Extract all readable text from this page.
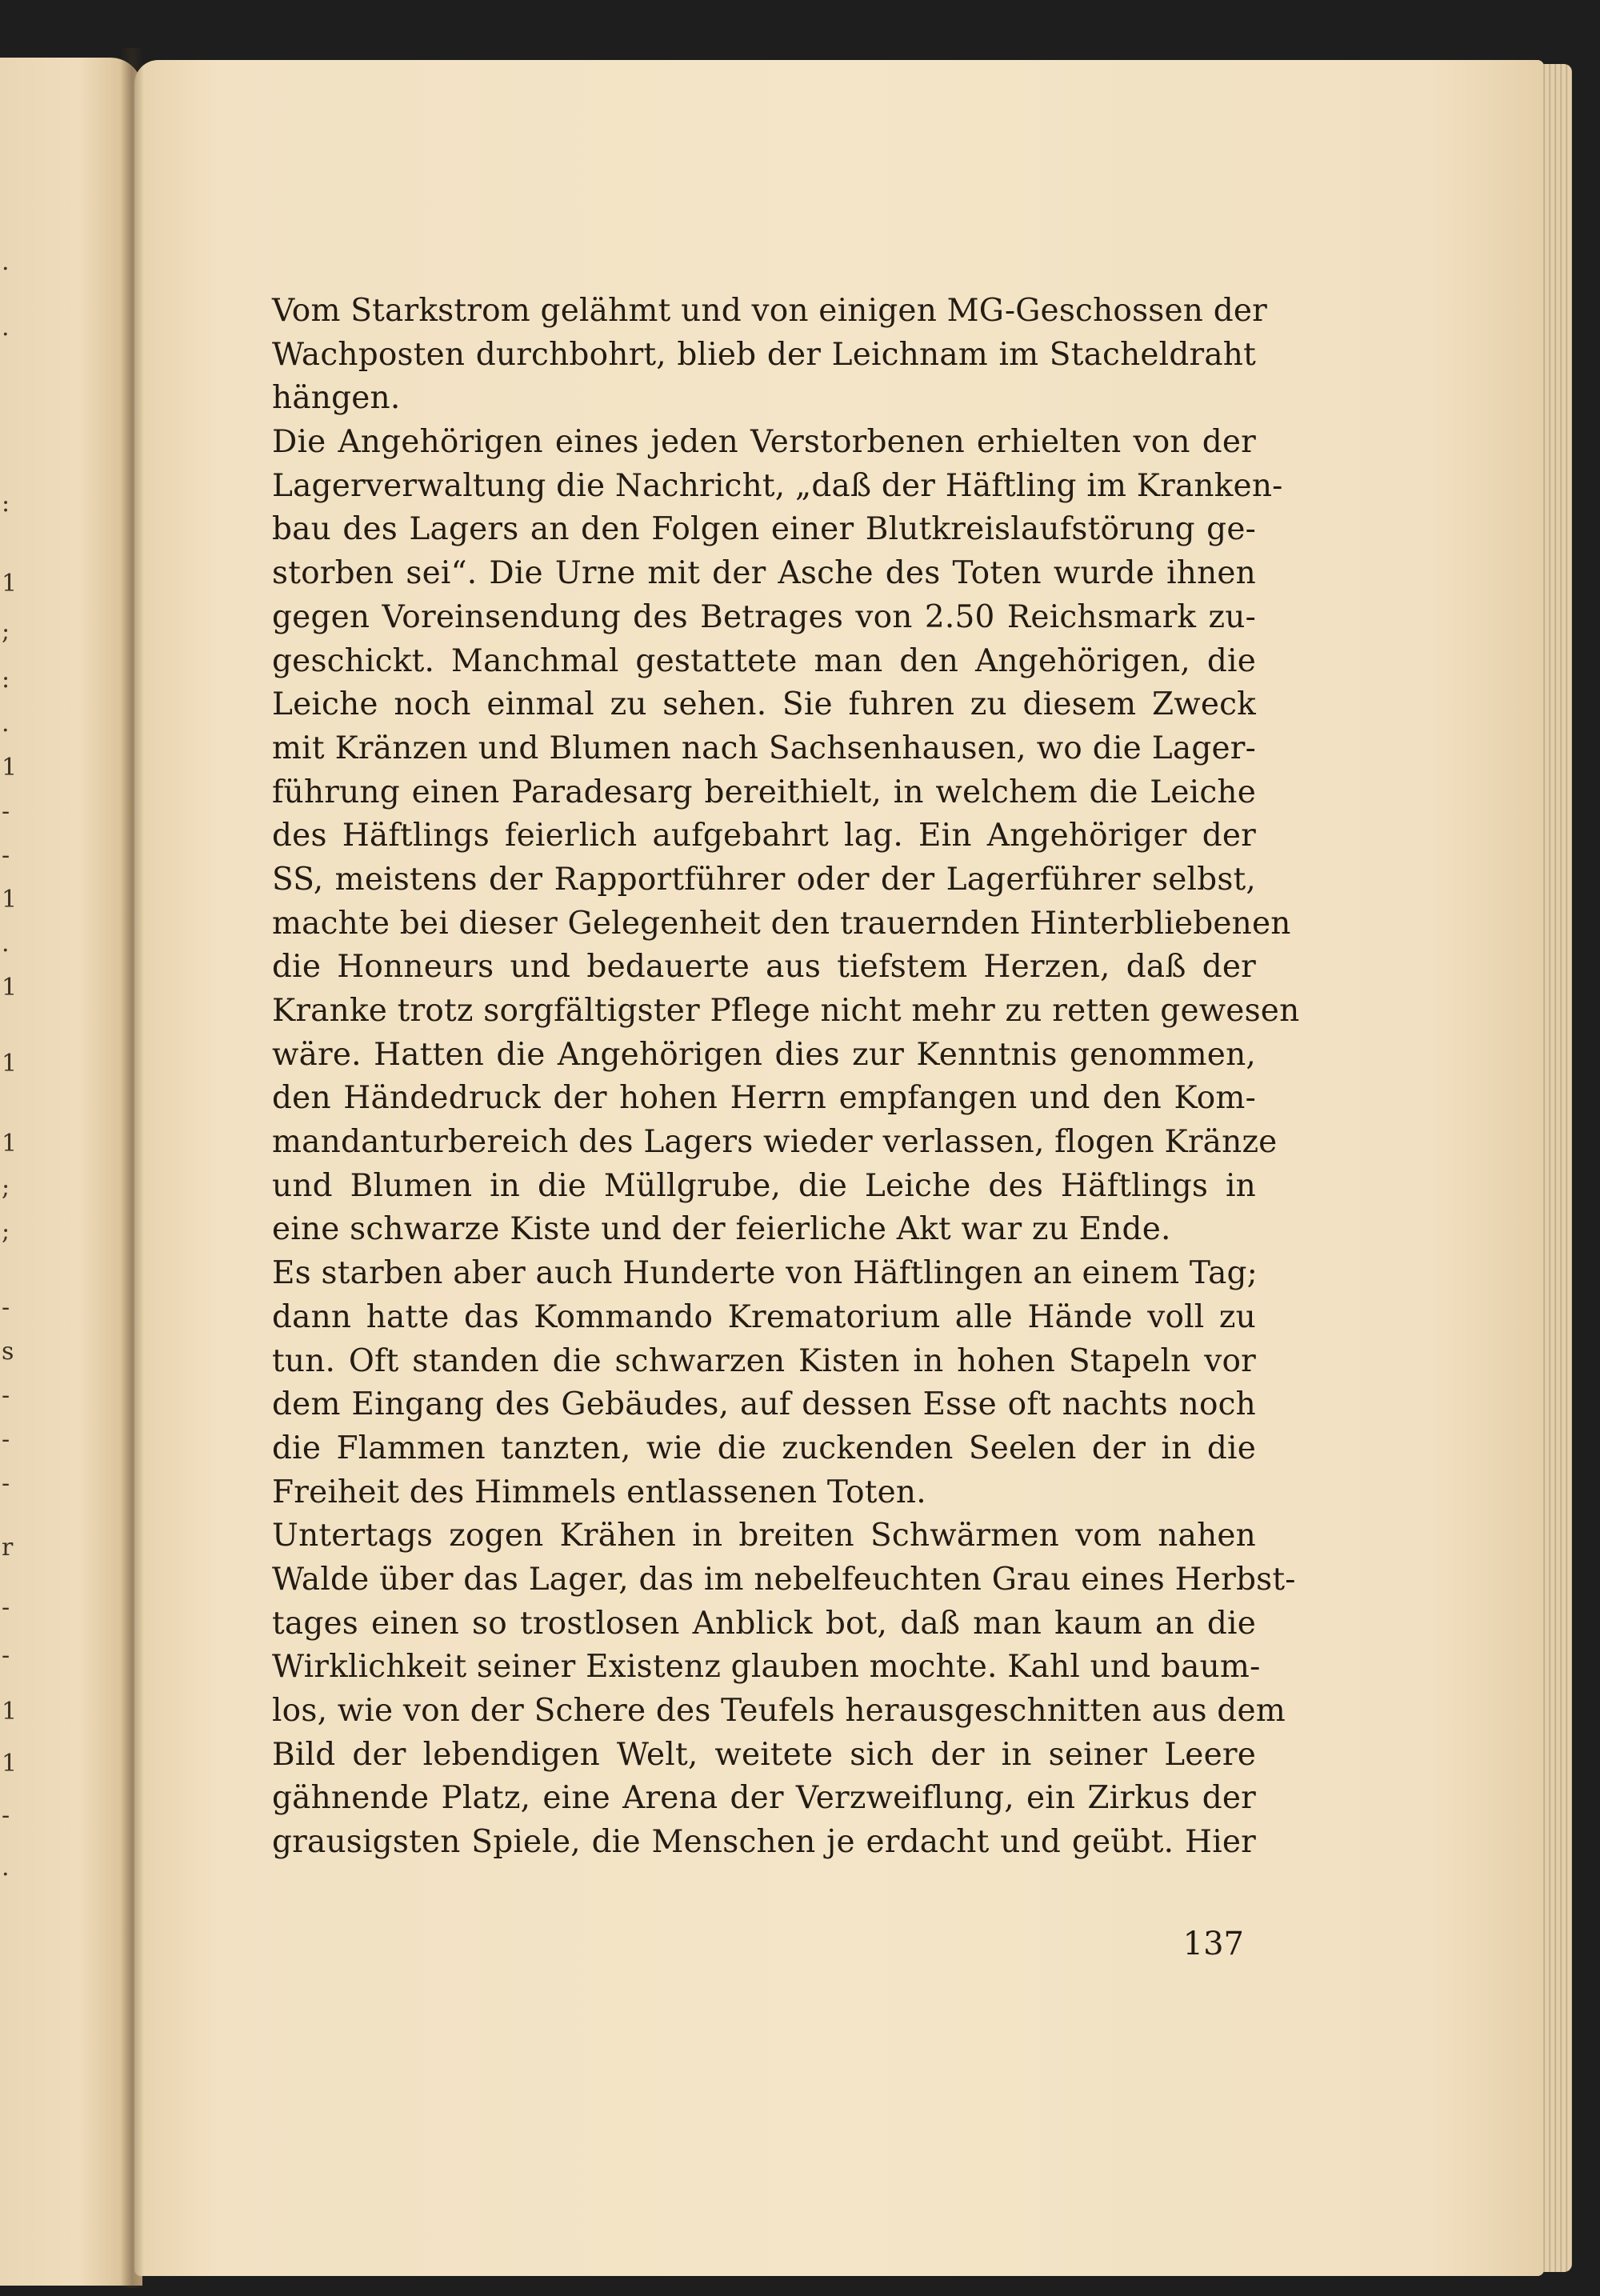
.
.
:
1
;
:
.
1
-
-
1
.
1
1
1
;
;
-
s
-
-
-
r
-
-
1
1
-
.
Vom Starkstrom gelähmt und von einigen MG-Geschossen der
Wachposten durchbohrt, blieb der Leichnam im Stacheldraht
hängen.
Die Angehörigen eines jeden Verstorbenen erhielten von der
Lagerverwaltung die Nachricht, „daß der Häftling im Kranken-
bau des Lagers an den Folgen einer Blutkreislaufstörung ge-
storben sei“. Die Urne mit der Asche des Toten wurde ihnen
gegen Voreinsendung des Betrages von 2.50 Reichsmark zu-
geschickt. Manchmal gestattete man den Angehörigen, die
Leiche noch einmal zu sehen. Sie fuhren zu diesem Zweck
mit Kränzen und Blumen nach Sachsenhausen, wo die Lager-
führung einen Paradesarg bereithielt, in welchem die Leiche
des Häftlings feierlich aufgebahrt lag. Ein Angehöriger der
SS, meistens der Rapportführer oder der Lagerführer selbst,
machte bei dieser Gelegenheit den trauernden Hinterbliebenen
die Honneurs und bedauerte aus tiefstem Herzen, daß der
Kranke trotz sorgfältigster Pflege nicht mehr zu retten gewesen
wäre. Hatten die Angehörigen dies zur Kenntnis genommen,
den Händedruck der hohen Herrn empfangen und den Kom-
mandanturbereich des Lagers wieder verlassen, flogen Kränze
und Blumen in die Müllgrube, die Leiche des Häftlings in
eine schwarze Kiste und der feierliche Akt war zu Ende.
Es starben aber auch Hunderte von Häftlingen an einem Tag;
dann hatte das Kommando Krematorium alle Hände voll zu
tun. Oft standen die schwarzen Kisten in hohen Stapeln vor
dem Eingang des Gebäudes, auf dessen Esse oft nachts noch
die Flammen tanzten, wie die zuckenden Seelen der in die
Freiheit des Himmels entlassenen Toten.
Untertags zogen Krähen in breiten Schwärmen vom nahen
Walde über das Lager, das im nebelfeuchten Grau eines Herbst-
tages einen so trostlosen Anblick bot, daß man kaum an die
Wirklichkeit seiner Existenz glauben mochte. Kahl und baum-
los, wie von der Schere des Teufels herausgeschnitten aus dem
Bild der lebendigen Welt, weitete sich der in seiner Leere
gähnende Platz, eine Arena der Verzweiflung, ein Zirkus der
grausigsten Spiele, die Menschen je erdacht und geübt. Hier
137
